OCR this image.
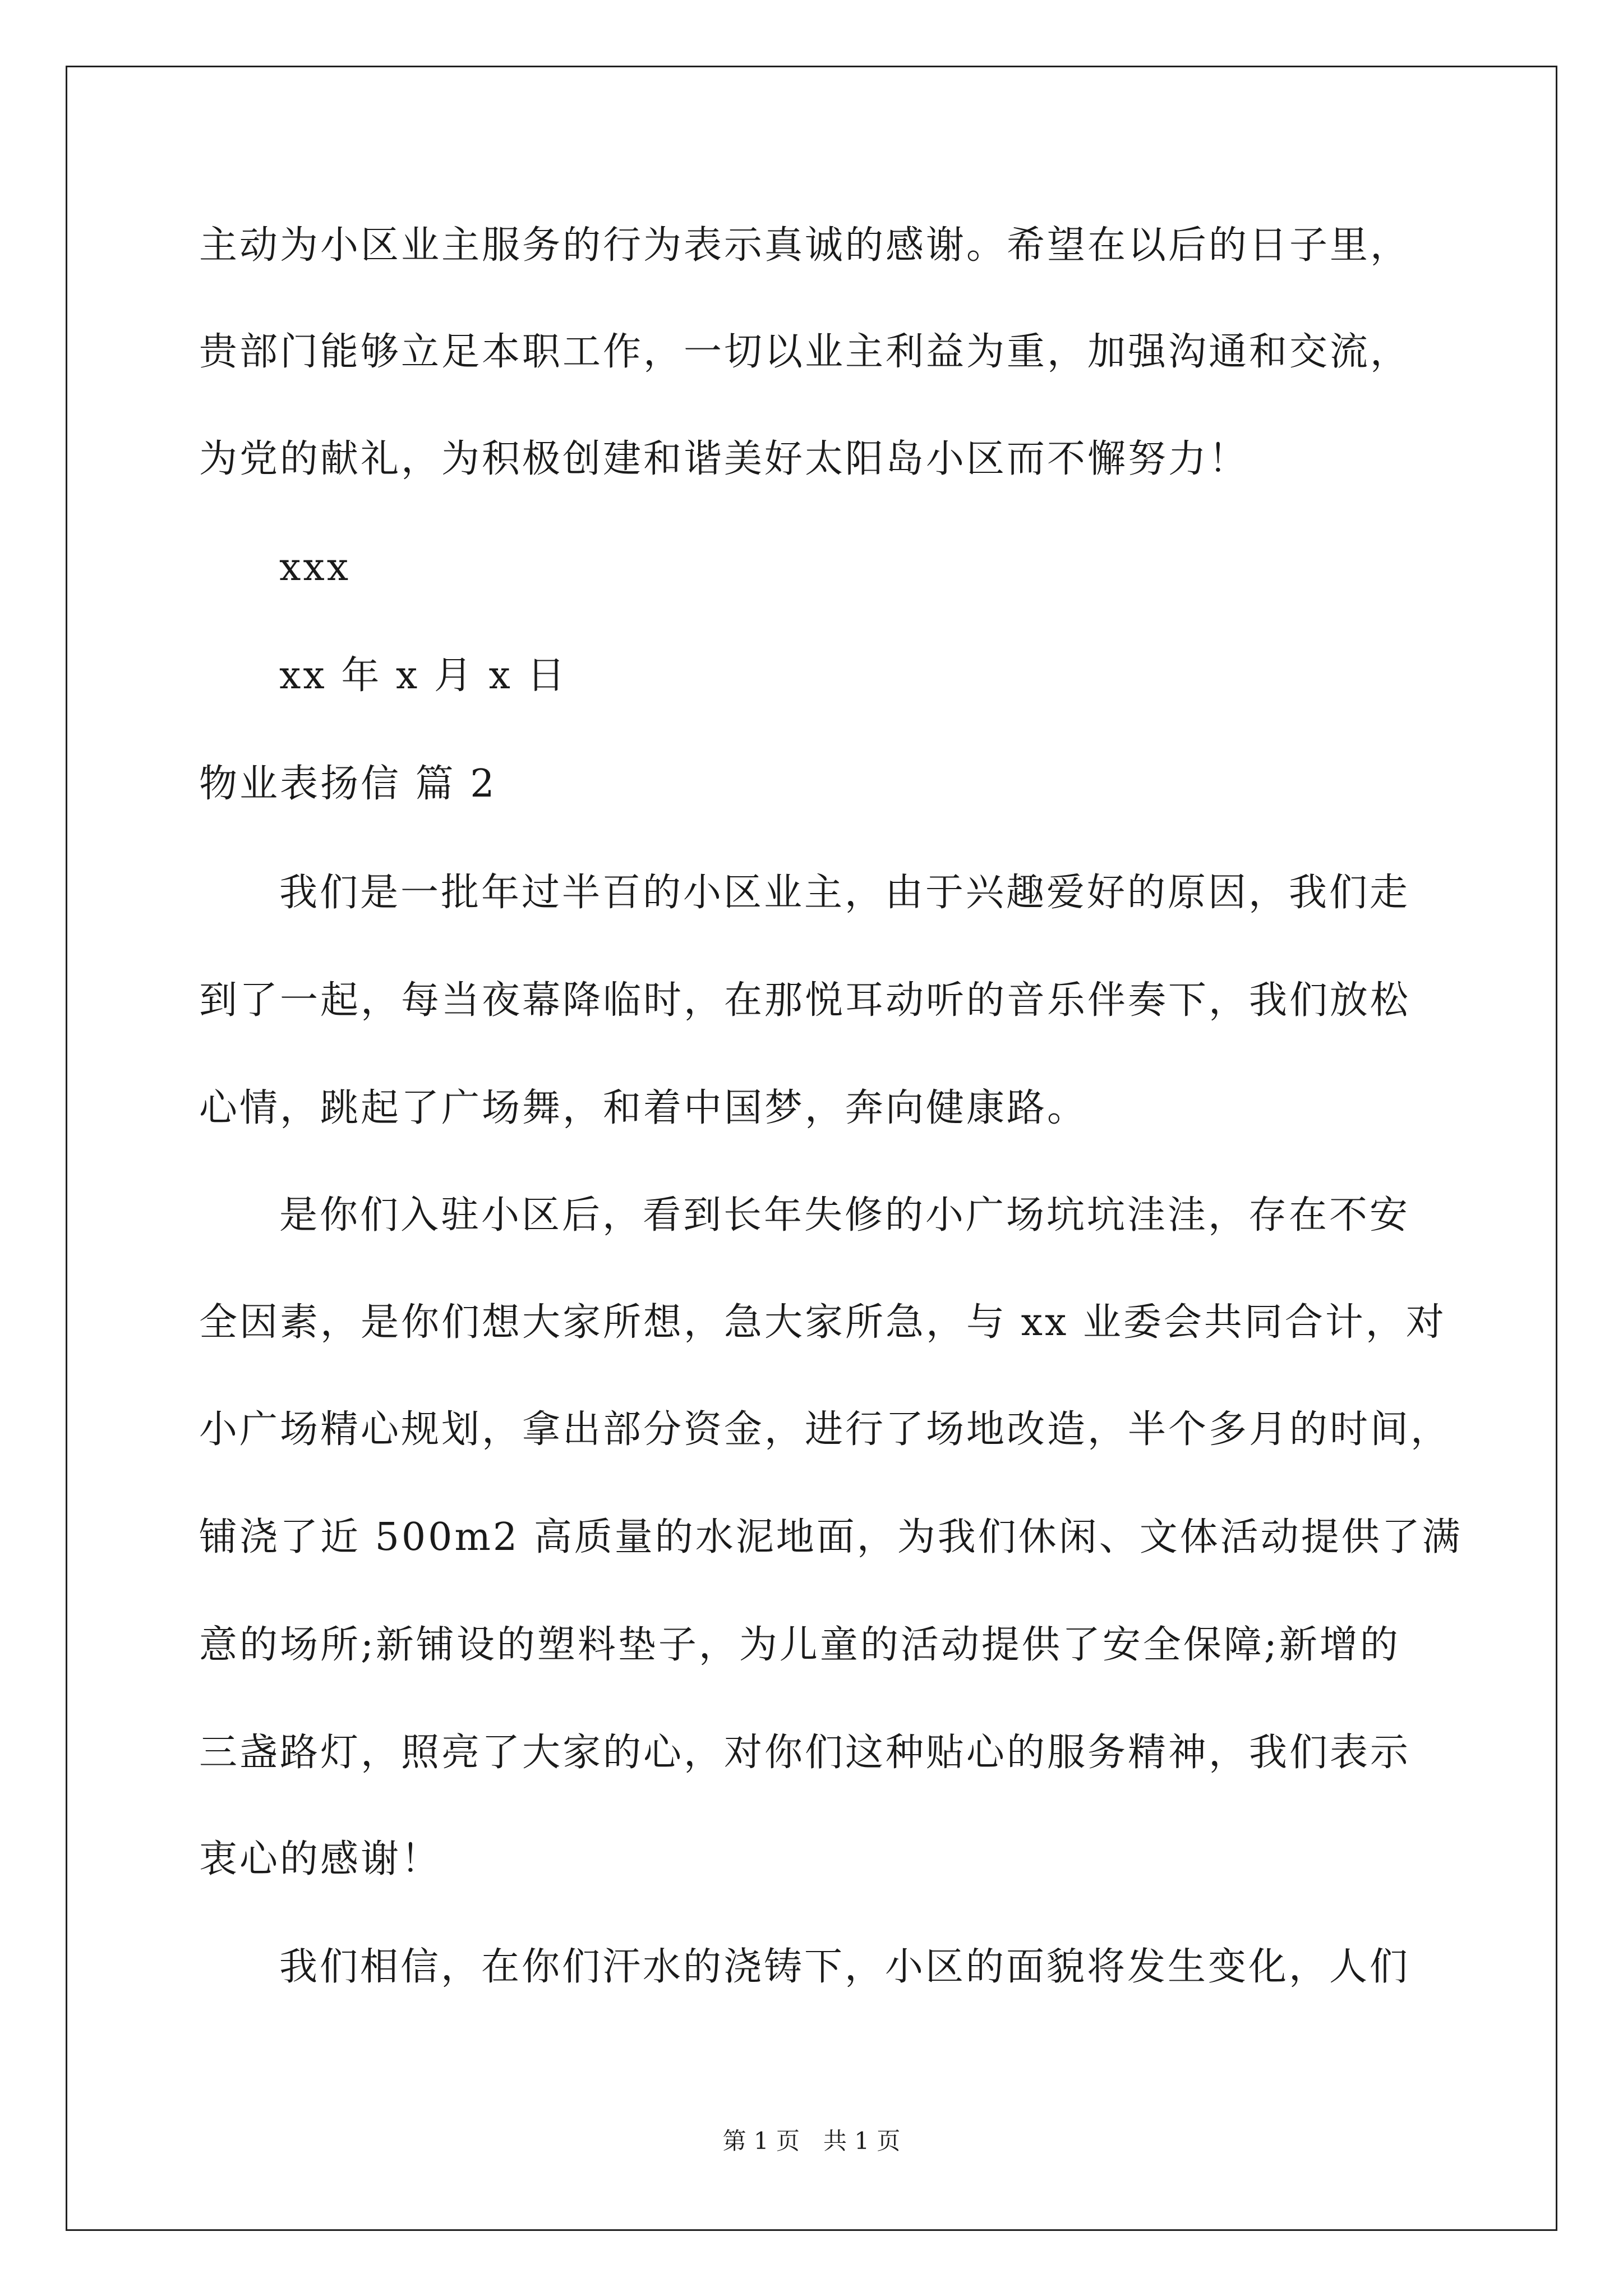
主动为小区业主服务的行为表示真诚的感谢。希望在以后的日子里，
贵部门能够立足本职工作，一切以业主利益为重，加强沟通和交流，
为党的献礼，为积极创建和谐美好太阳岛小区而不懈努力！
xxx
xx 年 x 月 x 日
物业表扬信 篇 2
我们是一批年过半百的小区业主，由于兴趣爱好的原因，我们走
到了一起，每当夜幕降临时，在那悦耳动听的音乐伴奏下，我们放松
心情，跳起了广场舞，和着中国梦，奔向健康路。
是你们入驻小区后，看到长年失修的小广场坑坑洼洼，存在不安
全因素，是你们想大家所想，急大家所急，与 xx 业委会共同合计，对
小广场精心规划，拿出部分资金，进行了场地改造，半个多月的时间，
铺浇了近 500m2 高质量的水泥地面，为我们休闲、文体活动提供了满
意的场所;新铺设的塑料垫子，为儿童的活动提供了安全保障;新增的
三盏路灯，照亮了大家的心，对你们这种贴心的服务精神，我们表示
衷心的感谢！
我们相信，在你们汗水的浇铸下，小区的面貌将发生变化，人们
第 1 页　共 1 页
